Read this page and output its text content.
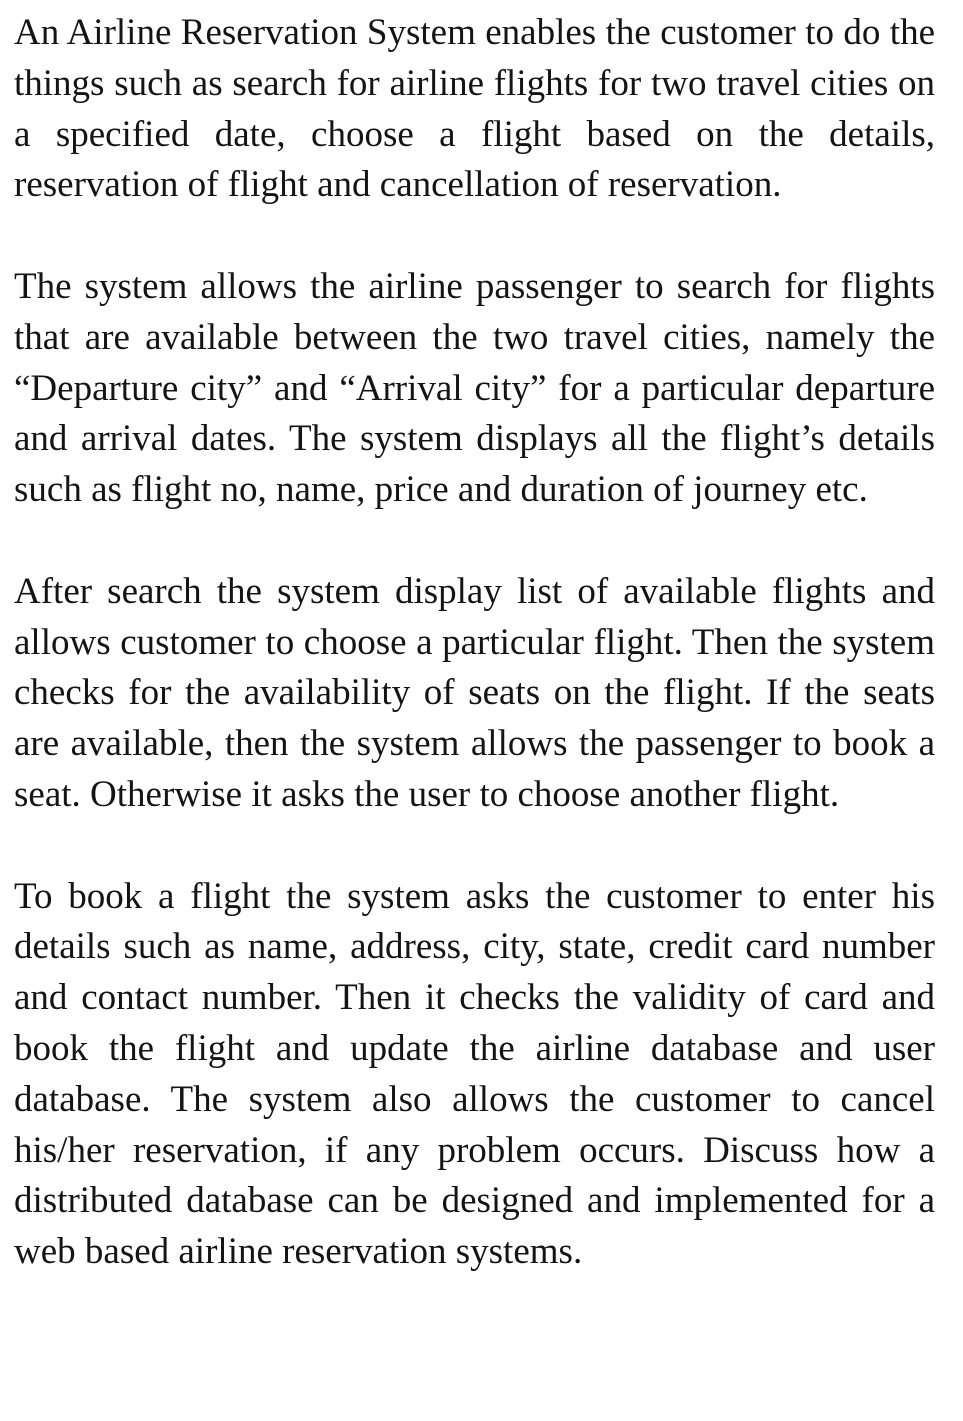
An Airline Reservation System enables the customer to do the things such as search for airline flights for two travel cities on a specified date, choose a flight based on the details, reservation of flight and cancellation of reservation.

The system allows the airline passenger to search for flights that are available between the two travel cities, namely the “Departure city” and “Arrival city” for a particular departure and arrival dates. The system displays all the flight’s details such as flight no, name, price and duration of journey etc.

After search the system display list of available flights and allows customer to choose a particular flight. Then the system checks for the availability of seats on the flight. If the seats are available, then the system allows the passenger to book a seat. Otherwise it asks the user to choose another flight.

To book a flight the system asks the customer to enter his details such as name, address, city, state, credit card number and contact number. Then it checks the validity of card and book the flight and update the airline database and user database. The system also allows the customer to cancel his/her reservation, if any problem occurs. Discuss how a distributed database can be designed and implemented for a web based airline reservation systems.
